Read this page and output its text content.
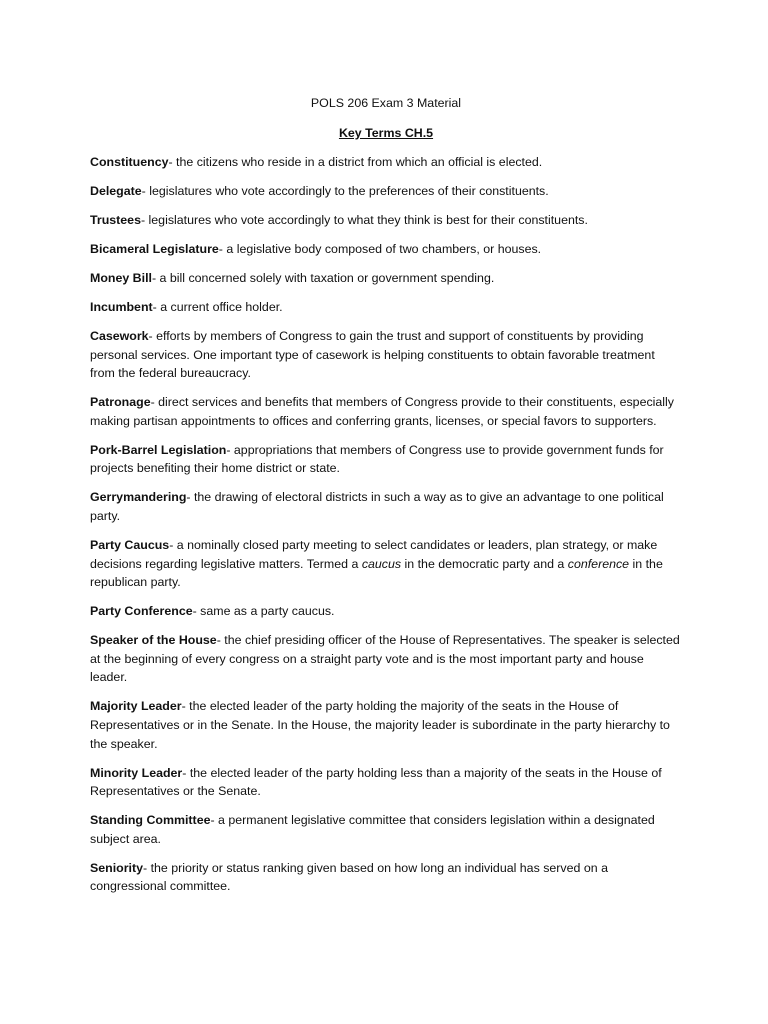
POLS 206 Exam 3 Material
Key Terms CH.5

Constituency- the citizens who reside in a district from which an official is elected.

Delegate- legislatures who vote accordingly to the preferences of their constituents.

Trustees- legislatures who vote accordingly to what they think is best for their constituents.

Bicameral Legislature- a legislative body composed of two chambers, or houses.

Money Bill- a bill concerned solely with taxation or government spending.

Incumbent- a current office holder.

Casework- efforts by members of Congress to gain the trust and support of constituents by providing personal services. One important type of casework is helping constituents to obtain favorable treatment from the federal bureaucracy.

Patronage- direct services and benefits that members of Congress provide to their constituents, especially making partisan appointments to offices and conferring grants, licenses, or special favors to supporters.

Pork-Barrel Legislation- appropriations that members of Congress use to provide government funds for projects benefiting their home district or state.

Gerrymandering- the drawing of electoral districts in such a way as to give an advantage to one political party.

Party Caucus- a nominally closed party meeting to select candidates or leaders, plan strategy, or make decisions regarding legislative matters. Termed a caucus in the democratic party and a conference in the republican party.

Party Conference- same as a party caucus.

Speaker of the House- the chief presiding officer of the House of Representatives. The speaker is selected at the beginning of every congress on a straight party vote and is the most important party and house leader.

Majority Leader- the elected leader of the party holding the majority of the seats in the House of Representatives or in the Senate. In the House, the majority leader is subordinate in the party hierarchy to the speaker.

Minority Leader- the elected leader of the party holding less than a majority of the seats in the House of Representatives or the Senate.

Standing Committee- a permanent legislative committee that considers legislation within a designated subject area.

Seniority- the priority or status ranking given based on how long an individual has served on a congressional committee.
